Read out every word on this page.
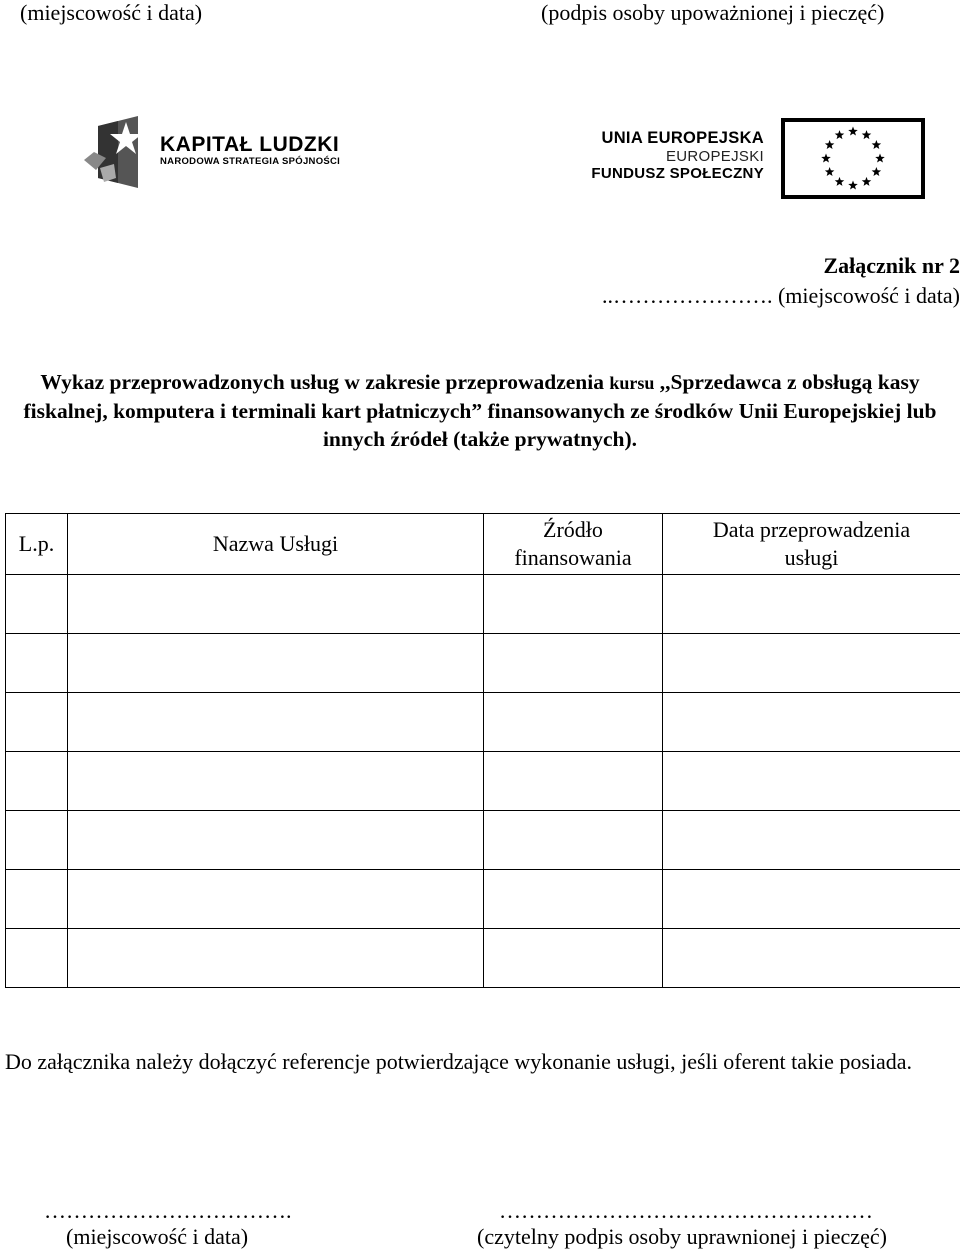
(miejscowość i data)	(podpis osoby upoważnionej i pieczęć)
KAPITAŁ LUDZKI
NARODOWA STRATEGIA SPÓJNOŚCI
UNIA EUROPEJSKA
EUROPEJSKI
FUNDUSZ SPOŁECZNY
Załącznik nr 2
..…………………. (miejscowość i data)
Wykaz przeprowadzonych usług w zakresie przeprowadzenia kursu ,,Sprzedawca z obsługą kasy fiskalnej, komputera i terminali kart płatniczych” finansowanych ze środków Unii Europejskiej lub innych źródeł (także prywatnych).
L.p.	Nazwa Usługi	Źródło finansowania	Data przeprowadzenia usługi

Do załącznika należy dołączyć referencje potwierdzające wykonanie usługi, jeśli oferent takie posiada.
…………………………….
(miejscowość i data)
……………………………………………
(czytelny podpis osoby uprawnionej i pieczęć)
